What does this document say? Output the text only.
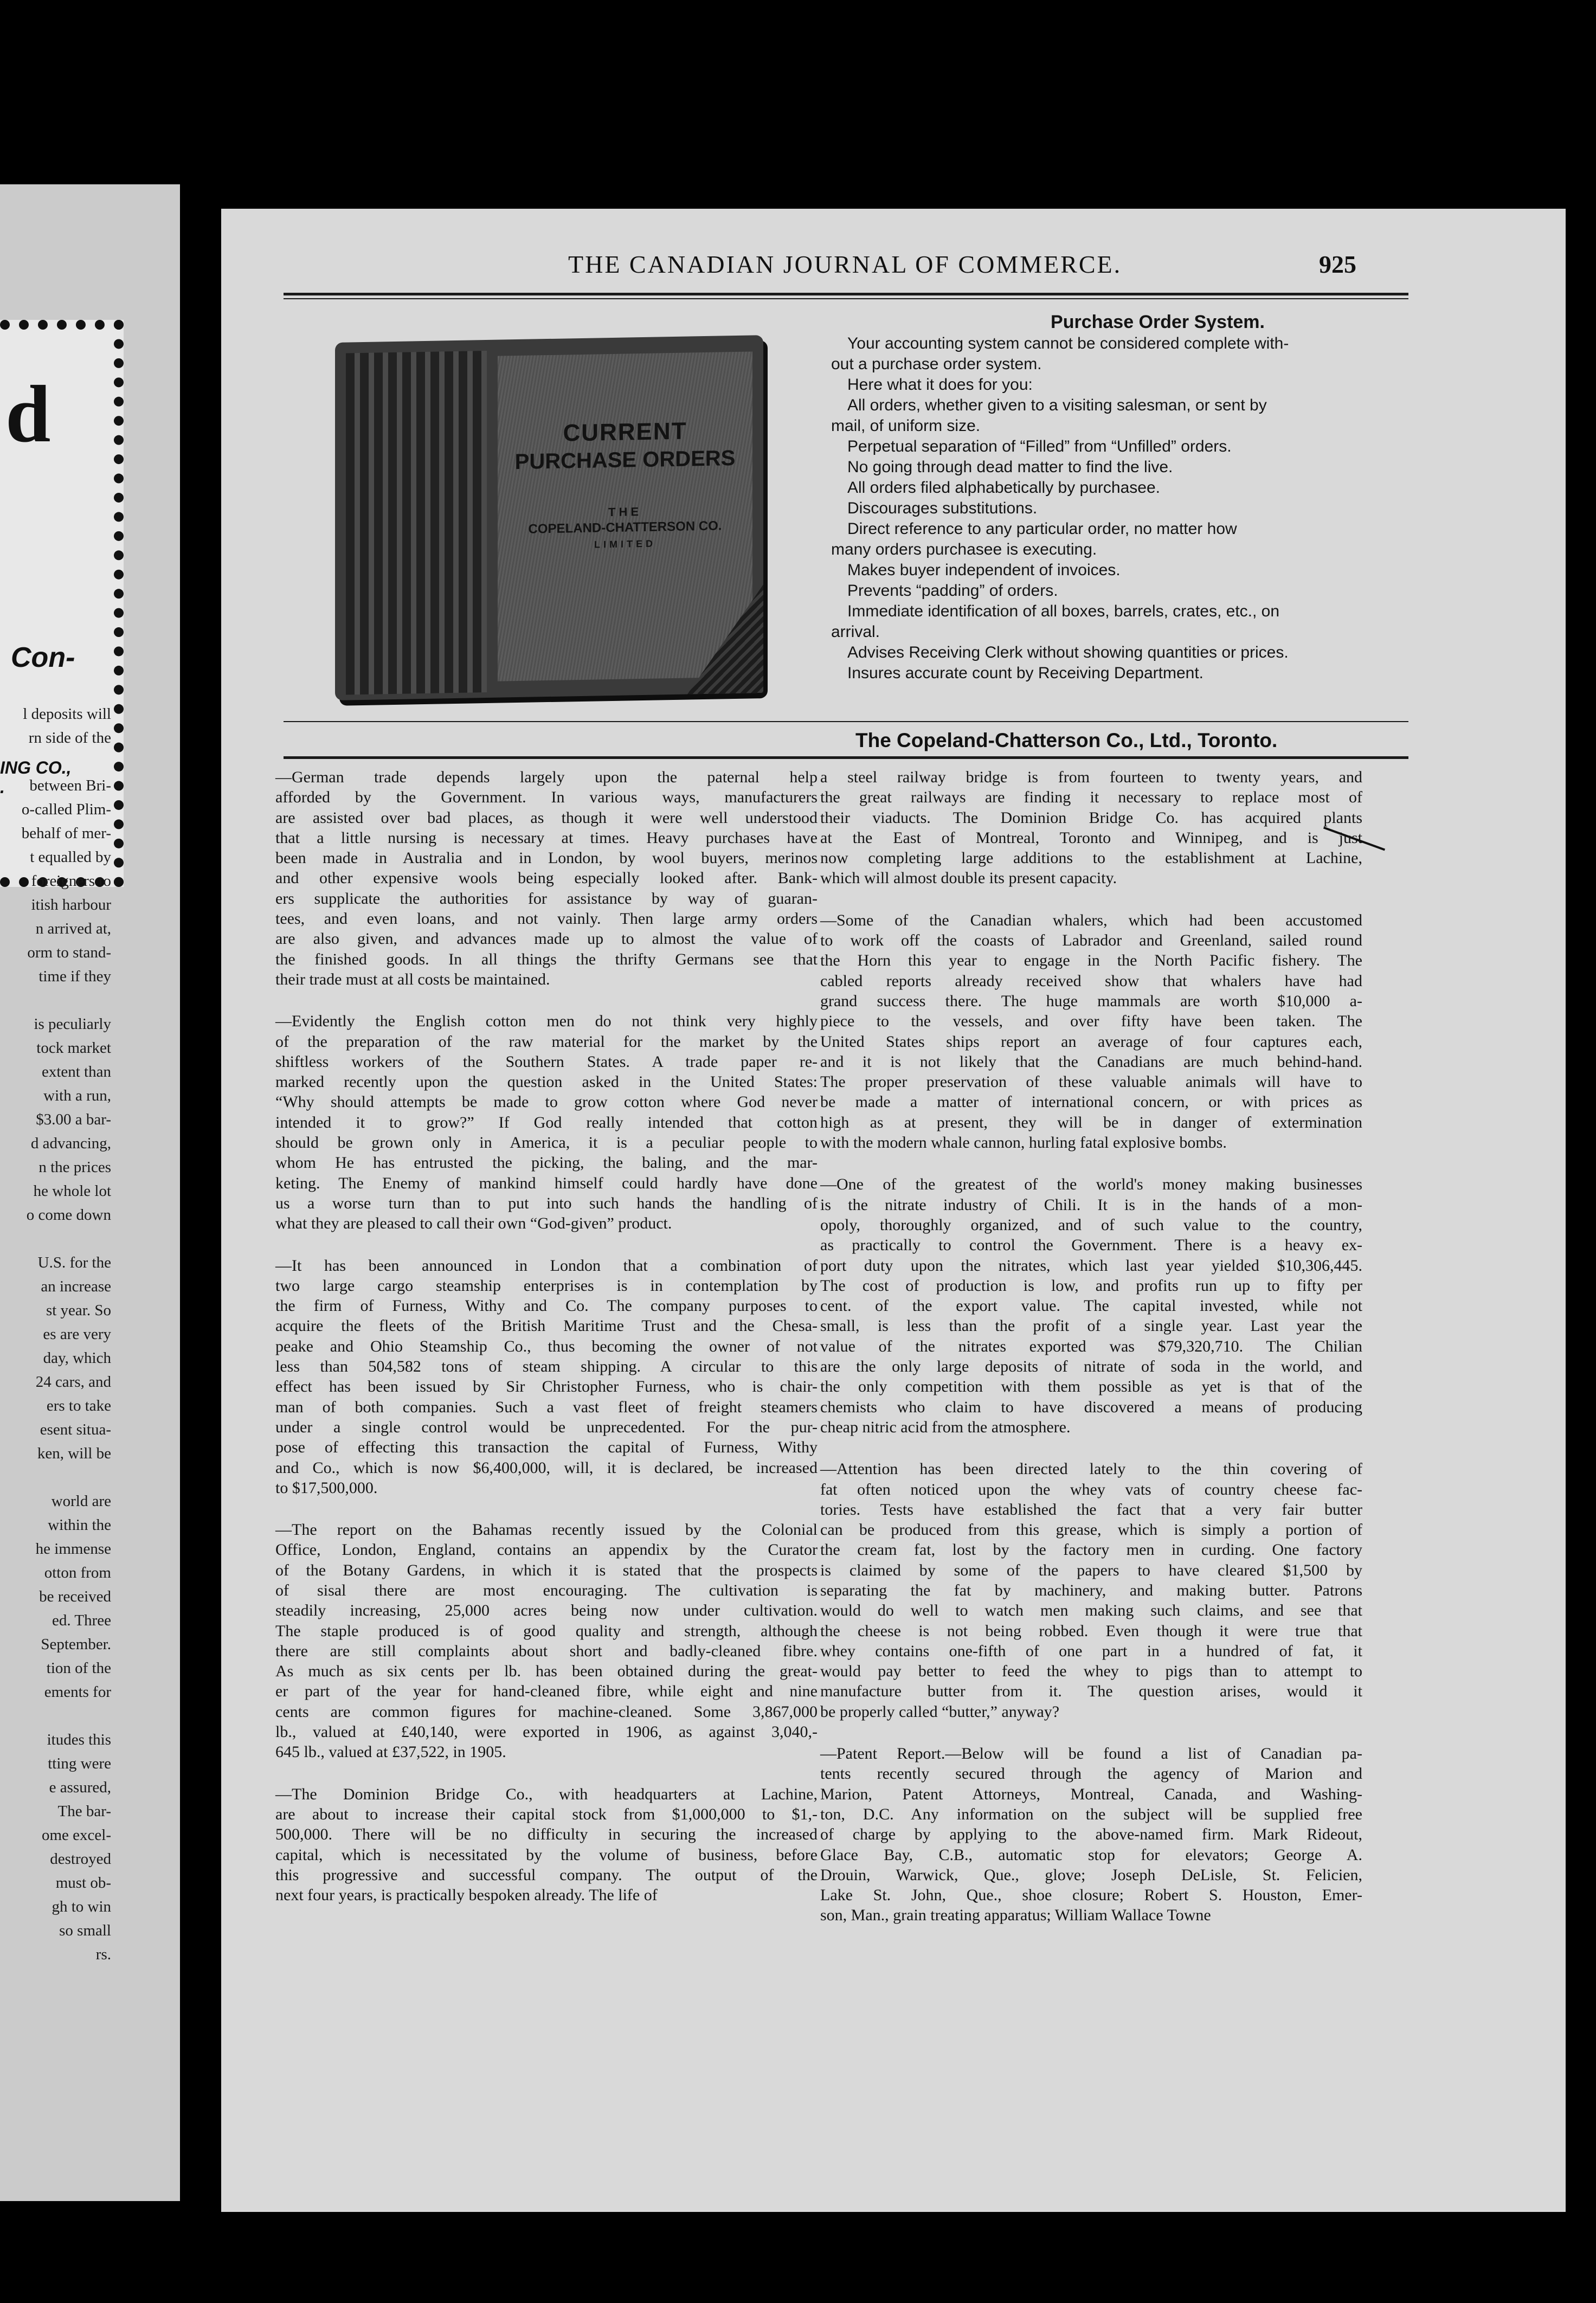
d
Con-
ING CO.,
.
l deposits will
rn side of the

between Bri-
o-called Plim-
behalf of mer-
t equalled by
foreigners to
itish harbour
n arrived at,
orm to stand-
time if they

is peculiarly
tock market
extent than
with a run,
$3.00 a bar-
d advancing,
n the prices
he whole lot
o come down

U.S. for the
an increase
st year. So
es are very
day, which
24 cars, and
ers to take
esent situa-
ken, will be

world are
within the
he immense
otton from
be received
ed. Three
September.
tion of the
ements for

itudes this
tting were
e assured,
The bar-
ome excel-
destroyed
must ob-
gh to win
so small
rs.
THE CANADIAN JOURNAL OF COMMERCE.	925
CURRENT
PURCHASE ORDERS
THE
COPELAND-CHATTERSON CO.
LIMITED
Purchase Order System.
Your accounting system cannot be considered complete with-
out a purchase order system.
Here what it does for you:
All orders, whether given to a visiting salesman, or sent by
mail, of uniform size.
Perpetual separation of “Filled” from “Unfilled” orders.
No going through dead matter to find the live.
All orders filed alphabetically by purchasee.
Discourages substitutions.
Direct reference to any particular order, no matter how
many orders purchasee is executing.
Makes buyer independent of invoices.
Prevents “padding” of orders.
Immediate identification of all boxes, barrels, crates, etc., on
arrival.
Advises Receiving Clerk without showing quantities or prices.
Insures accurate count by Receiving Department.
The Copeland-Chatterson Co., Ltd., Toronto.
—German trade depends largely upon the paternal help
afforded by the Government. In various ways, manufacturers
are assisted over bad places, as though it were well understood
that a little nursing is necessary at times. Heavy purchases have
been made in Australia and in London, by wool buyers, merinos
and other expensive wools being especially looked after. Bank-
ers supplicate the authorities for assistance by way of guaran-
tees, and even loans, and not vainly. Then large army orders
are also given, and advances made up to almost the value of
the finished goods. In all things the thrifty Germans see that
their trade must at all costs be maintained.
—Evidently the English cotton men do not think very highly
of the preparation of the raw material for the market by the
shiftless workers of the Southern States. A trade paper re-
marked recently upon the question asked in the United States:
“Why should attempts be made to grow cotton where God never
intended it to grow?” If God really intended that cotton
should be grown only in America, it is a peculiar people to
whom He has entrusted the picking, the baling, and the mar-
keting. The Enemy of mankind himself could hardly have done
us a worse turn than to put into such hands the handling of
what they are pleased to call their own “God-given” product.
—It has been announced in London that a combination of
two large cargo steamship enterprises is in contemplation by
the firm of Furness, Withy and Co. The company purposes to
acquire the fleets of the British Maritime Trust and the Chesa-
peake and Ohio Steamship Co., thus becoming the owner of not
less than 504,582 tons of steam shipping. A circular to this
effect has been issued by Sir Christopher Furness, who is chair-
man of both companies. Such a vast fleet of freight steamers
under a single control would be unprecedented. For the pur-
pose of effecting this transaction the capital of Furness, Withy
and Co., which is now $6,400,000, will, it is declared, be increased
to $17,500,000.
—The report on the Bahamas recently issued by the Colonial
Office, London, England, contains an appendix by the Curator
of the Botany Gardens, in which it is stated that the prospects
of sisal there are most encouraging. The cultivation is
steadily increasing, 25,000 acres being now under cultivation.
The staple produced is of good quality and strength, although
there are still complaints about short and badly-cleaned fibre.
As much as six cents per lb. has been obtained during the great-
er part of the year for hand-cleaned fibre, while eight and nine
cents are common figures for machine-cleaned. Some 3,867,000
lb., valued at £40,140, were exported in 1906, as against 3,040,-
645 lb., valued at £37,522, in 1905.
—The Dominion Bridge Co., with headquarters at Lachine,
are about to increase their capital stock from $1,000,000 to $1,-
500,000. There will be no difficulty in securing the increased
capital, which is necessitated by the volume of business, before
this progressive and successful company. The output of the
next four years, is practically bespoken already. The life of
a steel railway bridge is from fourteen to twenty years, and
the great railways are finding it necessary to replace most of
their viaducts. The Dominion Bridge Co. has acquired plants
at the East of Montreal, Toronto and Winnipeg, and is just
now completing large additions to the establishment at Lachine,
which will almost double its present capacity.
—Some of the Canadian whalers, which had been accustomed
to work off the coasts of Labrador and Greenland, sailed round
the Horn this year to engage in the North Pacific fishery. The
cabled reports already received show that whalers have had
grand success there. The huge mammals are worth $10,000 a-
piece to the vessels, and over fifty have been taken. The
United States ships report an average of four captures each,
and it is not likely that the Canadians are much behind-hand.
The proper preservation of these valuable animals will have to
be made a matter of international concern, or with prices as
high as at present, they will be in danger of extermination
with the modern whale cannon, hurling fatal explosive bombs.
—One of the greatest of the world's money making businesses
is the nitrate industry of Chili. It is in the hands of a mon-
opoly, thoroughly organized, and of such value to the country,
as practically to control the Government. There is a heavy ex-
port duty upon the nitrates, which last year yielded $10,306,445.
The cost of production is low, and profits run up to fifty per
cent. of the export value. The capital invested, while not
small, is less than the profit of a single year. Last year the
value of the nitrates exported was $79,320,710. The Chilian
are the only large deposits of nitrate of soda in the world, and
the only competition with them possible as yet is that of the
chemists who claim to have discovered a means of producing
cheap nitric acid from the atmosphere.
—Attention has been directed lately to the thin covering of
fat often noticed upon the whey vats of country cheese fac-
tories. Tests have established the fact that a very fair butter
can be produced from this grease, which is simply a portion of
the cream fat, lost by the factory men in curding. One factory
is claimed by some of the papers to have cleared $1,500 by
separating the fat by machinery, and making butter. Patrons
would do well to watch men making such claims, and see that
the cheese is not being robbed. Even though it were true that
whey contains one-fifth of one part in a hundred of fat, it
would pay better to feed the whey to pigs than to attempt to
manufacture butter from it. The question arises, would it
be properly called “butter,” anyway?
—Patent Report.—Below will be found a list of Canadian pa-
tents recently secured through the agency of Marion and
Marion, Patent Attorneys, Montreal, Canada, and Washing-
ton, D.C. Any information on the subject will be supplied free
of charge by applying to the above-named firm. Mark Rideout,
Glace Bay, C.B., automatic stop for elevators; George A.
Drouin, Warwick, Que., glove; Joseph DeLisle, St. Felicien,
Lake St. John, Que., shoe closure; Robert S. Houston, Emer-
son, Man., grain treating apparatus; William Wallace Towne
